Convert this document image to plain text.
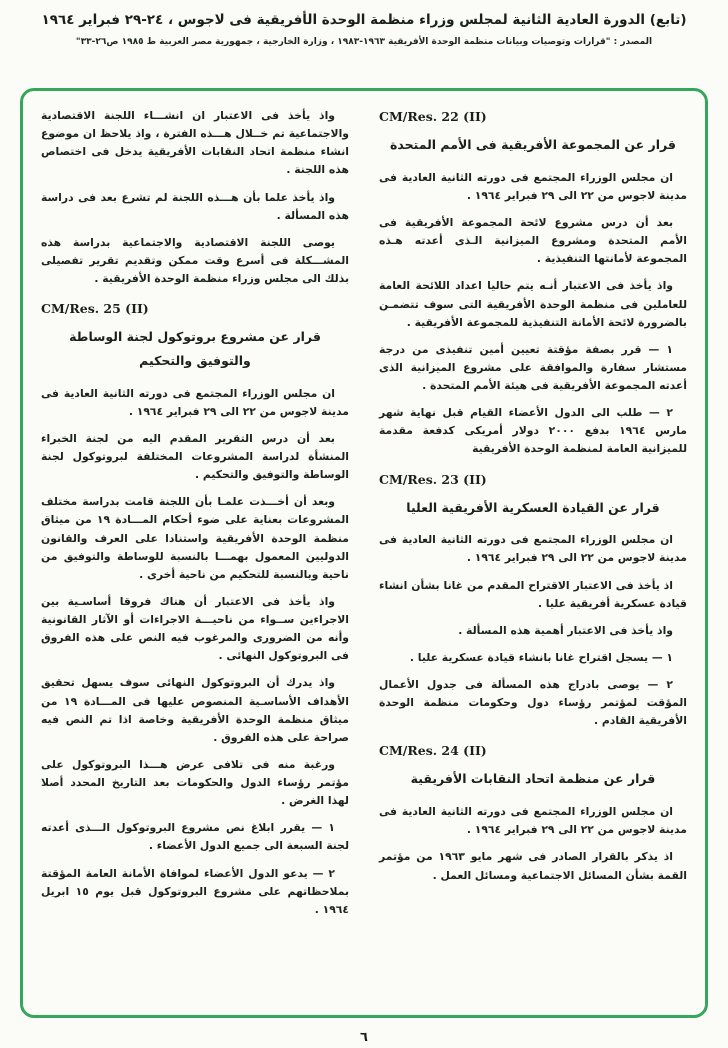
(تابع) الدورة العادية الثانية لمجلس وزراء منظمة الوحدة الأفريقية فى لاجوس ، ٢٤-٢٩ فبراير ١٩٦٤
المصدر : "قرارات وتوصيات وبيانات منظمة الوحدة الأفريقية ١٩٦٣-١٩٨٣ ، وزارة الخارجية ، جمهورية مصر العربية ط ١٩٨٥ ص٢٦-٣٣"
CM/Res. 22 (II)
قرار عن المجموعة الأفريقية فى الأمم المتحدة
ان مجلس الوزراء المجتمع فى دورته الثانية العادية فى مدينة لاجوس من ٢٢ الى ٢٩ فبراير ١٩٦٤ .
بعد أن درس مشروع لائحة المجموعة الأفريقية فى الأمم المتحدة ومشروع الميزانية الـذى أعدته هـذه المجموعة لأمانتها التنفيذية .
واذ يأخذ فى الاعتبار أنـه يتم حاليا اعداد اللائحة العامة للعاملين فى منظمة الوحدة الأفريقية التى سوف تتضمـن بالضرورة لائحة الأمانة التنفيذية للمجموعة الأفريقية .
١ — قرر بصفة مؤقتة تعيين أمين تنفيذى من درجة مستشار سفارة والموافقة على مشروع الميزانية الذى أعدته المجموعة الأفريقية فى هيئة الأمم المتحدة .
٢ — طلب الى الدول الأعضاء القيام قبل نهاية شهر مارس ١٩٦٤ بدفع ٢٠٠٠ دولار أمريكى كدفعة مقدمة للميزانية العامة لمنظمة الوحدة الأفريقية
CM/Res. 23 (II)
قرار عن القيادة العسكرية الأفريقية العليا
ان مجلس الوزراء المجتمع فى دورته الثانية العادية فى مدينة لاجوس من ٢٢ الى ٢٩ فبراير ١٩٦٤ .
اذ يأخذ فى الاعتبار الاقتراح المقدم من غانا بشأن انشاء قيادة عسكرية أفريقية عليا .
واذ يأخذ فى الاعتبار أهمية هذه المسألة .
١ — يسجل اقتراح غانا بانشاء قيادة عسكرية عليا .
٢ — يوصى بادراج هذه المسألة فى جدول الأعمال المؤقت لمؤتمر رؤساء دول وحكومات منظمة الوحدة الأفريقية القادم .
CM/Res. 24 (II)
قرار عن منظمة اتحاد النقابات الأفريقية
ان مجلس الوزراء المجتمع فى دورته الثانية العادية فى مدينة لاجوس من ٢٢ الى ٢٩ فبراير ١٩٦٤ .
اذ يذكر بالقرار الصادر فى شهر مايو ١٩٦٣ من مؤتمر القمة بشأن المسائل الاجتماعية ومسائل العمل .
واذ يأخذ فى الاعتبار ان انشـــاء اللجنة الاقتصادية والاجتماعية تم خــلال هـــذه الفترة ، واذ يلاحظ ان موضوع انشاء منظمة اتحاد النقابات الأفريقية يدخل فى اختصاص هذه اللجنة .
واذ يأخذ علما بأن هـــذه اللجنة لم تشرع بعد فى دراسة هذه المسألة .
يوصى اللجنة الاقتصادية والاجتماعية بدراسة هذه المشـــكلة فى أسرع وقت ممكن وتقديم تقرير تفصيلى بذلك الى مجلس وزراء منظمة الوحدة الأفريقية .
CM/Res. 25 (II)
قرار عن مشروع بروتوكول لجنة الوساطة والتوفيق والتحكيم
ان مجلس الوزراء المجتمع فى دورته الثانية العادية فى مدينة لاجوس من ٢٢ الى ٢٩ فبراير ١٩٦٤ .
بعد أن درس التقرير المقدم اليه من لجنة الخبراء المنشأة لدراسة المشروعات المختلفة لبروتوكول لجنة الوساطة والتوفيق والتحكيم .
وبعد أن أخـــذت علمـا بأن اللجنة قامت بدراسة مختلف المشروعات بعناية على ضوء أحكام المـــادة ١٩ من ميثاق منظمة الوحدة الأفريقية واستنادا على العرف والقانون الدوليين المعمول بهمـــا بالنسبة للوساطة والتوفيق من ناحية وبالنسبة للتحكيم من ناحية أخرى .
واذ يأخذ فى الاعتبار أن هناك فروقا أساسـية بين الاجراءين ســواء من ناحيـــة الاجراءات أو الآثار القانونية وأنه من الضرورى والمرغوب فيه النص على هذه الفروق فى البروتوكول النهائى .
واذ يدرك أن البروتوكول النهائى سوف يسهل تحقيق الأهداف الأساسـية المنصوص عليها فى المـــادة ١٩ من ميثاق منظمة الوحدة الأفريقية وخاصة اذا تم النص فيه صراحة على هذه الفروق .
ورغبة منه فى تلافى عرض هـــذا البروتوكول على مؤتمر رؤساء الدول والحكومات بعد التاريخ المحدد أصلا لهذا الغرض .
١ — يقرر ابلاغ نص مشروع البروتوكول الـــذى أعدته لجنة السبعة الى جميع الدول الأعضاء .
٢ — يدعو الدول الأعضاء لموافاة الأمانة العامة المؤقتة بملاحظاتهم على مشروع البروتوكول قبل يوم ١٥ ابريل ١٩٦٤ .
٦
